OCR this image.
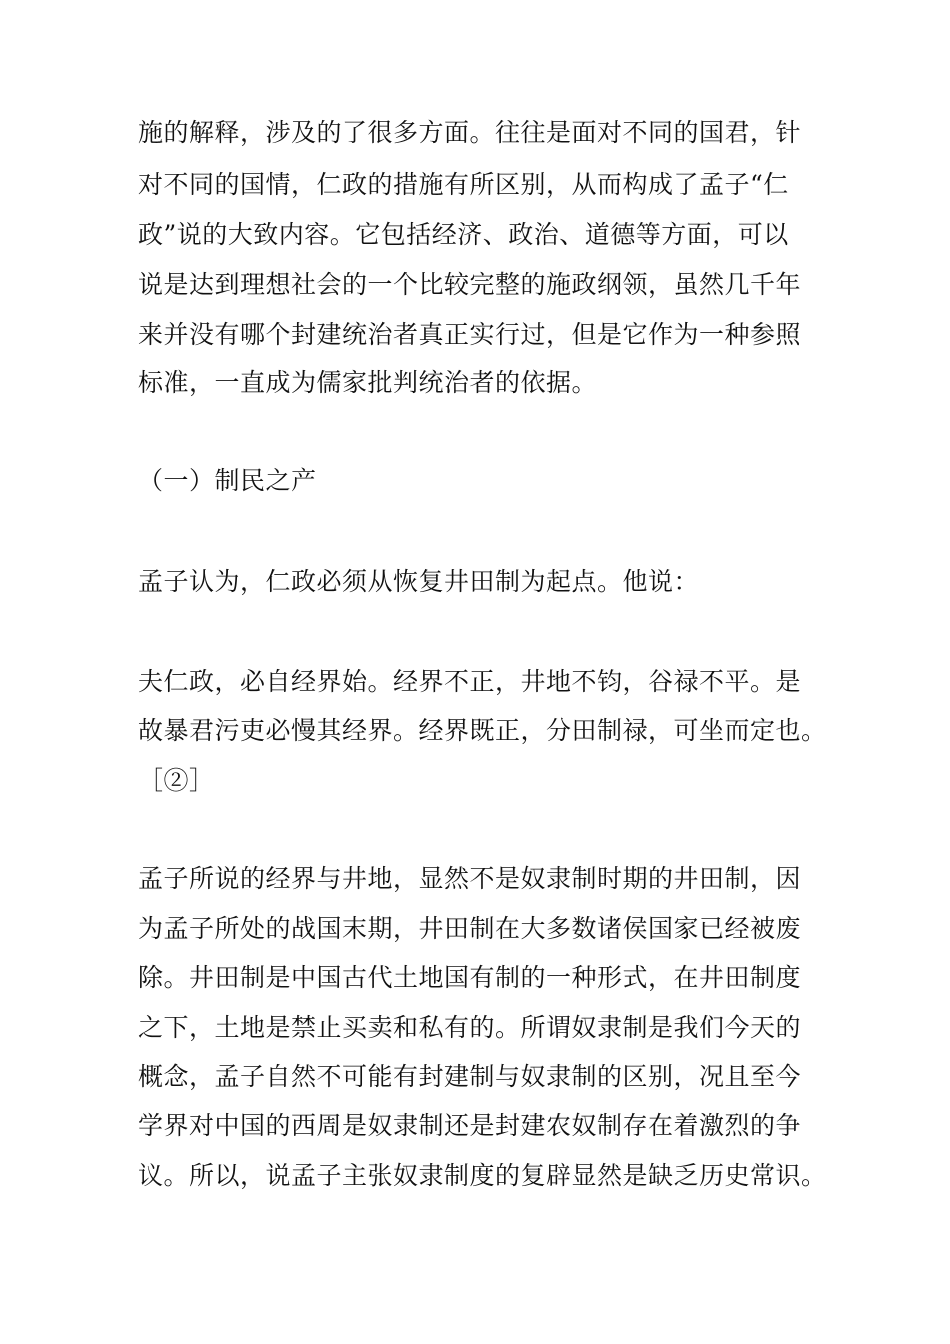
施的解释，涉及的了很多方面。往往是面对不同的国君，针
对不同的国情，仁政的措施有所区别，从而构成了孟子“仁
政”说的大致内容。它包括经济、政治、道德等方面，可以
说是达到理想社会的一个比较完整的施政纲领，虽然几千年
来并没有哪个封建统治者真正实行过，但是它作为一种参照
标准，一直成为儒家批判统治者的依据。
（一）制民之产
孟子认为，仁政必须从恢复井田制为起点。他说：
夫仁政，必自经界始。经界不正，井地不钧，谷禄不平。是
故暴君污吏必慢其经界。经界既正，分田制禄，可坐而定也。
［②］
孟子所说的经界与井地，显然不是奴隶制时期的井田制，因
为孟子所处的战国末期，井田制在大多数诸侯国家已经被废
除。井田制是中国古代土地国有制的一种形式，在井田制度
之下，土地是禁止买卖和私有的。所谓奴隶制是我们今天的
概念，孟子自然不可能有封建制与奴隶制的区别，况且至今
学界对中国的西周是奴隶制还是封建农奴制存在着激烈的争
议。所以，说孟子主张奴隶制度的复辟显然是缺乏历史常识。
